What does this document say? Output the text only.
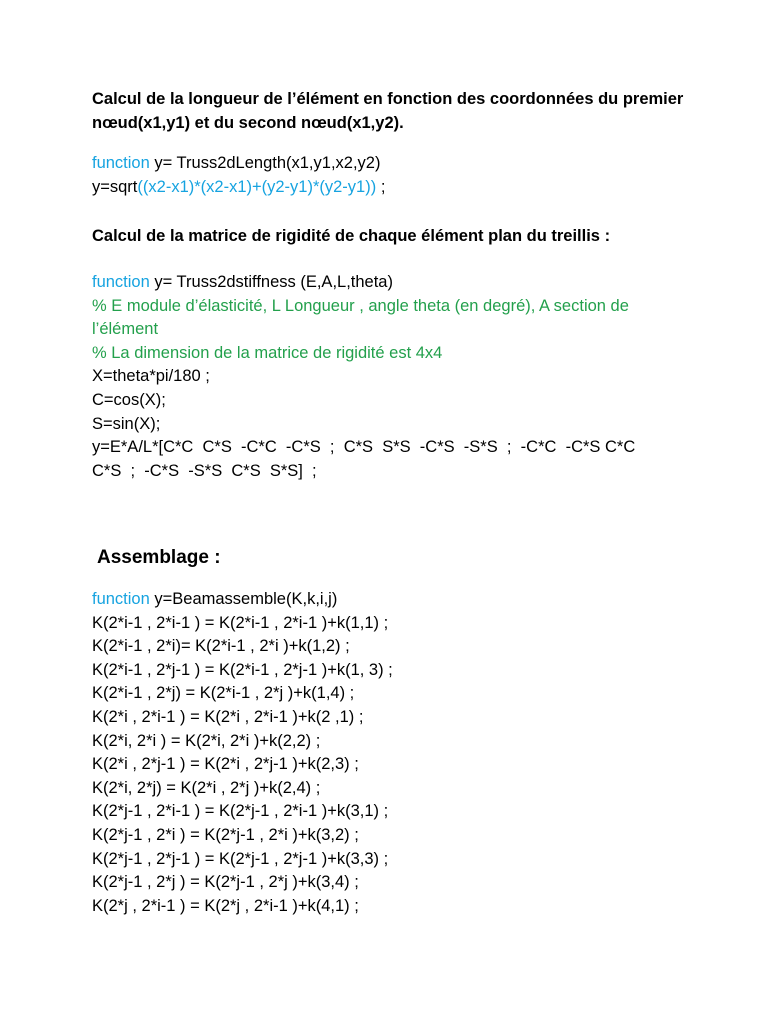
Calcul de la longueur de l’élément en fonction des coordonnées du premier nœud(x1,y1) et du second nœud(x1,y2).
function y= Truss2dLength(x1,y1,x2,y2)
y=sqrt((x2-x1)*(x2-x1)+(y2-y1)*(y2-y1)) ;
Calcul de la matrice de rigidité de chaque élément plan du treillis :
function y= Truss2dstiffness (E,A,L,theta)
% E module d’élasticité, L Longueur , angle theta (en degré), A section de l’élément
% La dimension de la matrice de rigidité est 4x4
X=theta*pi/180 ;
C=cos(X);
S=sin(X);
y=E*A/L*[C*C  C*S  -C*C  -C*S  ;  C*S  S*S  -C*S  -S*S  ;  -C*C  -C*S C*C  C*S  ;  -C*S  -S*S  C*S  S*S]  ;
Assemblage :
function y=Beamassemble(K,k,i,j)
K(2*i-1 , 2*i-1 ) = K(2*i-1 , 2*i-1 )+k(1,1) ;
K(2*i-1 , 2*i)= K(2*i-1 , 2*i )+k(1,2) ;
K(2*i-1 , 2*j-1 ) = K(2*i-1 , 2*j-1 )+k(1, 3) ;
K(2*i-1 , 2*j) = K(2*i-1 , 2*j )+k(1,4) ;
K(2*i , 2*i-1 ) = K(2*i , 2*i-1 )+k(2 ,1) ;
K(2*i, 2*i ) = K(2*i, 2*i )+k(2,2) ;
K(2*i , 2*j-1 ) = K(2*i , 2*j-1 )+k(2,3) ;
K(2*i, 2*j) = K(2*i , 2*j )+k(2,4) ;
K(2*j-1 , 2*i-1 ) = K(2*j-1 , 2*i-1 )+k(3,1) ;
K(2*j-1 , 2*i ) = K(2*j-1 , 2*i )+k(3,2) ;
K(2*j-1 , 2*j-1 ) = K(2*j-1 , 2*j-1 )+k(3,3) ;
K(2*j-1 , 2*j ) = K(2*j-1 , 2*j )+k(3,4) ;
K(2*j , 2*i-1 ) = K(2*j , 2*i-1 )+k(4,1) ;
